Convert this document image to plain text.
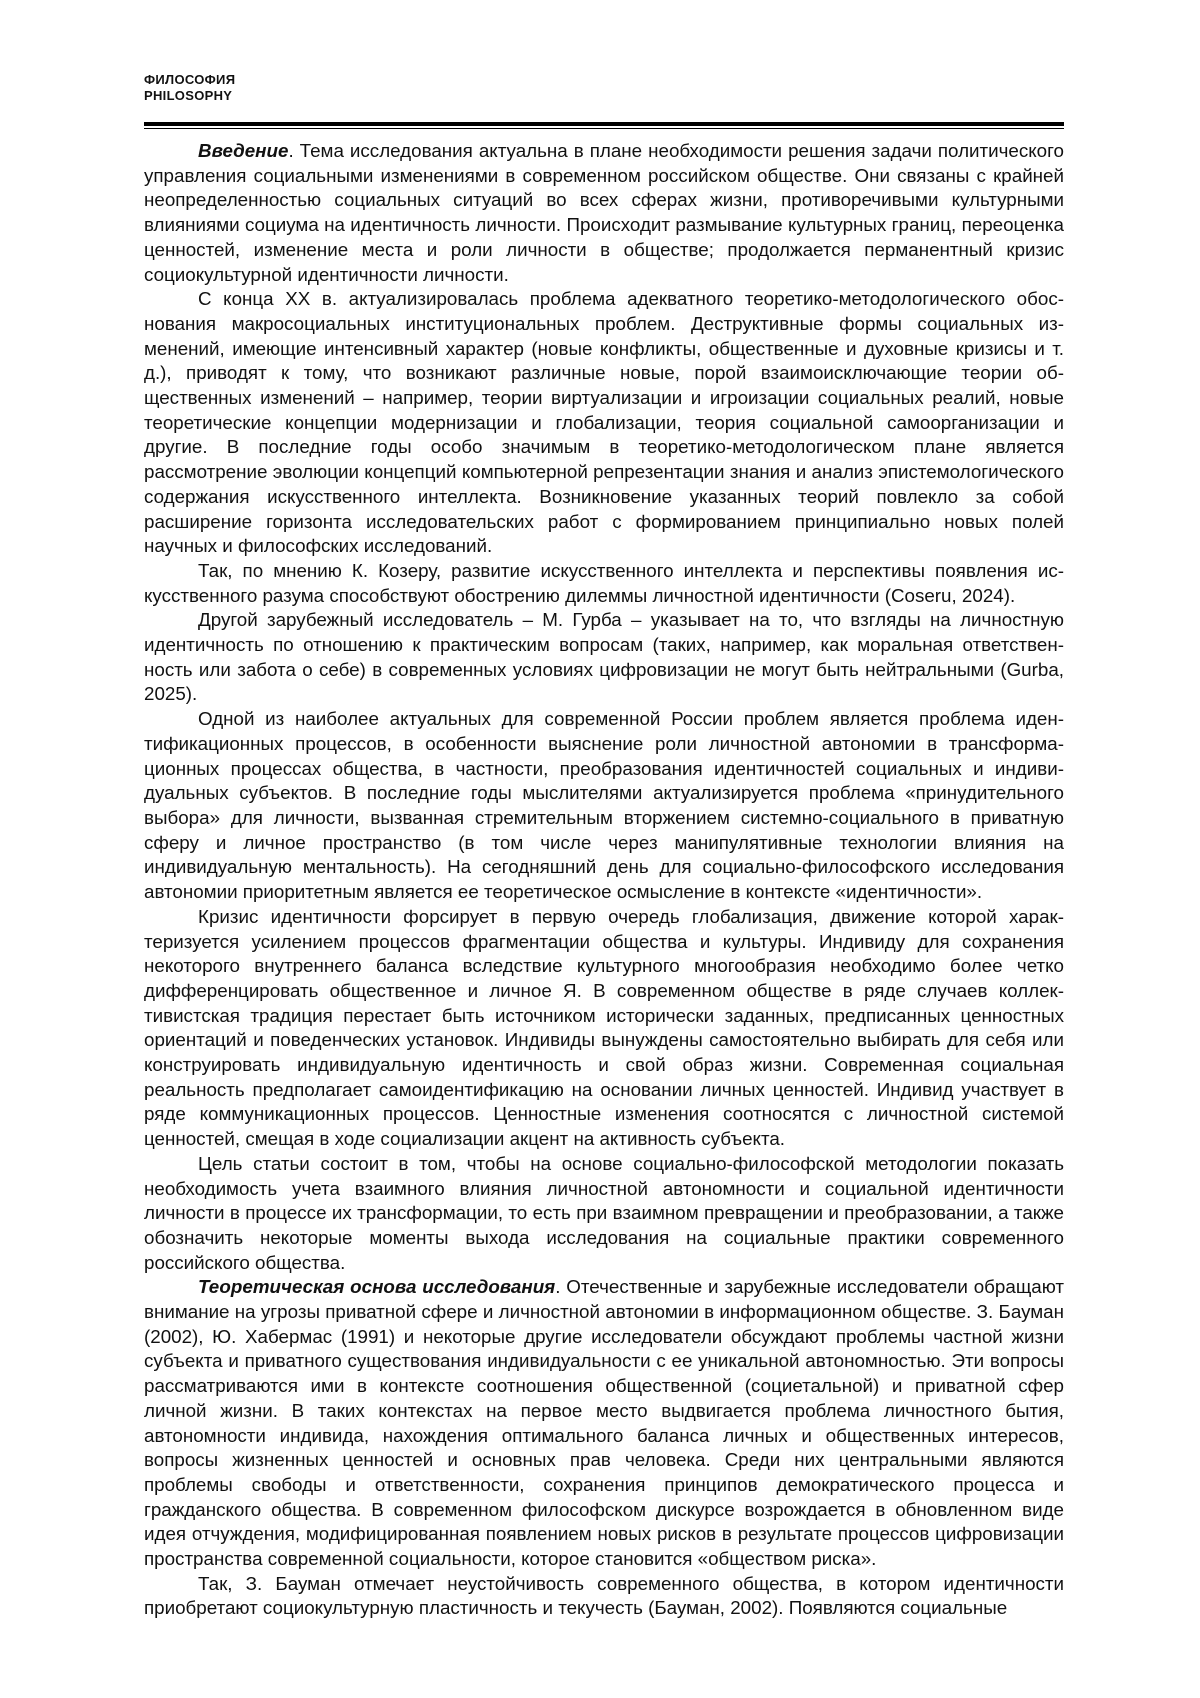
ФИЛОСОФИЯ
PHILOSOPHY

Введение. Тема исследования актуальна в плане необходимости решения задачи политического управления социальными изменениями в современном российском обществе. Они связаны с крайней неопределенностью социальных ситуаций во всех сферах жизни, противоречивыми культурными влияниями социума на идентичность личности. Происходит размывание культурных границ, переоценка ценностей, изменение места и роли личности в обществе; продолжается перманентный кризис социокультурной идентичности личности.

С конца XX в. актуализировалась проблема адекватного теоретико-методологического обоснования макросоциальных институциональных проблем. Деструктивные формы социальных изменений, имеющие интенсивный характер (новые конфликты, общественные и духовные кризисы и т. д.), приводят к тому, что возникают различные новые, порой взаимоисключающие теории общественных изменений – например, теории виртуализации и игроизации социальных реалий, новые теоретические концепции модернизации и глобализации, теория социальной самоорганизации и другие. В последние годы особо значимым в теоретико-методологическом плане является рассмотрение эволюции концепций компьютерной репрезентации знания и анализ эпистемологического содержания искусственного интеллекта. Возникновение указанных теорий повлекло за собой расширение горизонта исследовательских работ с формированием принципиально новых полей научных и философских исследований.

Так, по мнению К. Козеру, развитие искусственного интеллекта и перспективы появления искусственного разума способствуют обострению дилеммы личностной идентичности (Coseru, 2024).

Другой зарубежный исследователь – М. Гурба – указывает на то, что взгляды на личностную идентичность по отношению к практическим вопросам (таких, например, как моральная ответственность или забота о себе) в современных условиях цифровизации не могут быть нейтральными (Gurba, 2025).

Одной из наиболее актуальных для современной России проблем является проблема идентификационных процессов, в особенности выяснение роли личностной автономии в трансформационных процессах общества, в частности, преобразования идентичностей социальных и индивидуальных субъектов. В последние годы мыслителями актуализируется проблема «принудительного выбора» для личности, вызванная стремительным вторжением системно-социального в приватную сферу и личное пространство (в том числе через манипулятивные технологии влияния на индивидуальную ментальность). На сегодняшний день для социально-философского исследования автономии приоритетным является ее теоретическое осмысление в контексте «идентичности».

Кризис идентичности форсирует в первую очередь глобализация, движение которой характеризуется усилением процессов фрагментации общества и культуры. Индивиду для сохранения некоторого внутреннего баланса вследствие культурного многообразия необходимо более четко дифференцировать общественное и личное Я. В современном обществе в ряде случаев коллективистская традиция перестает быть источником исторически заданных, предписанных ценностных ориентаций и поведенческих установок. Индивиды вынуждены самостоятельно выбирать для себя или конструировать индивидуальную идентичность и свой образ жизни. Современная социальная реальность предполагает самоидентификацию на основании личных ценностей. Индивид участвует в ряде коммуникационных процессов. Ценностные изменения соотносятся с личностной системой ценностей, смещая в ходе социализации акцент на активность субъекта.

Цель статьи состоит в том, чтобы на основе социально-философской методологии показать необходимость учета взаимного влияния личностной автономности и социальной идентичности личности в процессе их трансформации, то есть при взаимном превращении и преобразовании, а также обозначить некоторые моменты выхода исследования на социальные практики современного российского общества.

Теоретическая основа исследования. Отечественные и зарубежные исследователи обращают внимание на угрозы приватной сфере и личностной автономии в информационном обществе. З. Бауман (2002), Ю. Хабермас (1991) и некоторые другие исследователи обсуждают проблемы частной жизни субъекта и приватного существования индивидуальности с ее уникальной автономностью. Эти вопросы рассматриваются ими в контексте соотношения общественной (социетальной) и приватной сфер личной жизни. В таких контекстах на первое место выдвигается проблема личностного бытия, автономности индивида, нахождения оптимального баланса личных и общественных интересов, вопросы жизненных ценностей и основных прав человека. Среди них центральными являются проблемы свободы и ответственности, сохранения принципов демократического процесса и гражданского общества. В современном философском дискурсе возрождается в обновленном виде идея отчуждения, модифицированная появлением новых рисков в результате процессов цифровизации пространства современной социальности, которое становится «обществом риска».

Так, З. Бауман отмечает неустойчивость современного общества, в котором идентичности приобретают социокультурную пластичность и текучесть (Бауман, 2002). Появляются социальные
